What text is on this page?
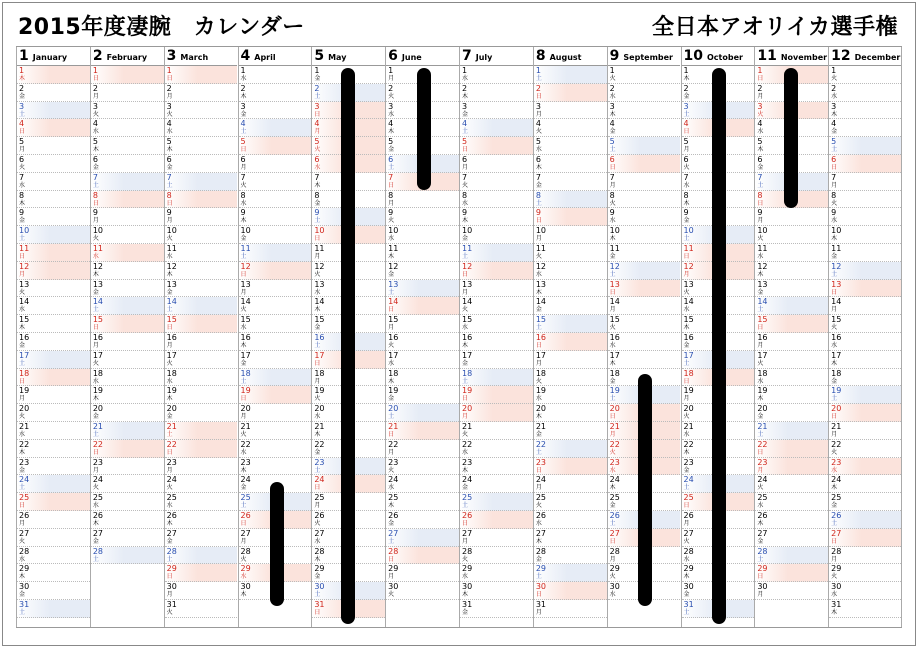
2015年度凄腕　カレンダー	全日本アオリイカ選手権
1 January
1
木
2
金
3
土
4
日
5
月
6
火
7
水
8
木
9
金
10
土
11
日
12
月
13
火
14
水
15
木
16
金
17
土
18
日
19
月
20
火
21
水
22
木
23
金
24
土
25
日
26
月
27
火
28
水
29
木
30
金
31
土
2 February
1
日
2
月
3
火
4
水
5
木
6
金
7
土
8
日
9
月
10
火
11
水
12
木
13
金
14
土
15
日
16
月
17
火
18
水
19
木
20
金
21
土
22
日
23
月
24
火
25
水
26
木
27
金
28
土
3 March
1
日
2
月
3
火
4
水
5
木
6
金
7
土
8
日
9
月
10
火
11
水
12
木
13
金
14
土
15
日
16
月
17
火
18
水
19
木
20
金
21
土
22
日
23
月
24
火
25
水
26
木
27
金
28
土
29
日
30
月
31
火
4 April
1
水
2
木
3
金
4
土
5
日
6
月
7
火
8
水
9
木
10
金
11
土
12
日
13
月
14
火
15
水
16
木
17
金
18
土
19
日
20
月
21
火
22
水
23
木
24
金
25
土
26
日
27
月
28
火
29
水
30
木
5 May
1
金
2
土
3
日
4
月
5
火
6
水
7
木
8
金
9
土
10
日
11
月
12
火
13
水
14
木
15
金
16
土
17
日
18
月
19
火
20
水
21
木
22
金
23
土
24
日
25
月
26
火
27
水
28
木
29
金
30
土
31
日
6 June
1
月
2
火
3
水
4
木
5
金
6
土
7
日
8
月
9
火
10
水
11
木
12
金
13
土
14
日
15
月
16
火
17
水
18
木
19
金
20
土
21
日
22
月
23
火
24
水
25
木
26
金
27
土
28
日
29
月
30
火
7 July
1
水
2
木
3
金
4
土
5
日
6
月
7
火
8
水
9
木
10
金
11
土
12
日
13
月
14
火
15
水
16
木
17
金
18
土
19
日
20
月
21
火
22
水
23
木
24
金
25
土
26
日
27
月
28
火
29
水
30
木
31
金
8 August
1
土
2
日
3
月
4
火
5
水
6
木
7
金
8
土
9
日
10
月
11
火
12
水
13
木
14
金
15
土
16
日
17
月
18
火
19
水
20
木
21
金
22
土
23
日
24
月
25
火
26
水
27
木
28
金
29
土
30
日
31
月
9 September
1
火
2
水
3
木
4
金
5
土
6
日
7
月
8
火
9
水
10
木
11
金
12
土
13
日
14
月
15
火
16
水
17
木
18
金
19
土
20
日
21
月
22
火
23
水
24
木
25
金
26
土
27
日
28
月
29
火
30
水
10 October
1
木
2
金
3
土
4
日
5
月
6
火
7
水
8
木
9
金
10
土
11
日
12
月
13
火
14
水
15
木
16
金
17
土
18
日
19
月
20
火
21
水
22
木
23
金
24
土
25
日
26
月
27
火
28
水
29
木
30
金
31
土
11 November
1
日
2
月
3
火
4
水
5
木
6
金
7
土
8
日
9
月
10
火
11
水
12
木
13
金
14
土
15
日
16
月
17
火
18
水
19
木
20
金
21
土
22
日
23
月
24
火
25
水
26
木
27
金
28
土
29
日
30
月
12 December
1
火
2
水
3
木
4
金
5
土
6
日
7
月
8
火
9
水
10
木
11
金
12
土
13
日
14
月
15
火
16
水
17
木
18
金
19
土
20
日
21
月
22
火
23
水
24
木
25
金
26
土
27
日
28
月
29
火
30
水
31
木
